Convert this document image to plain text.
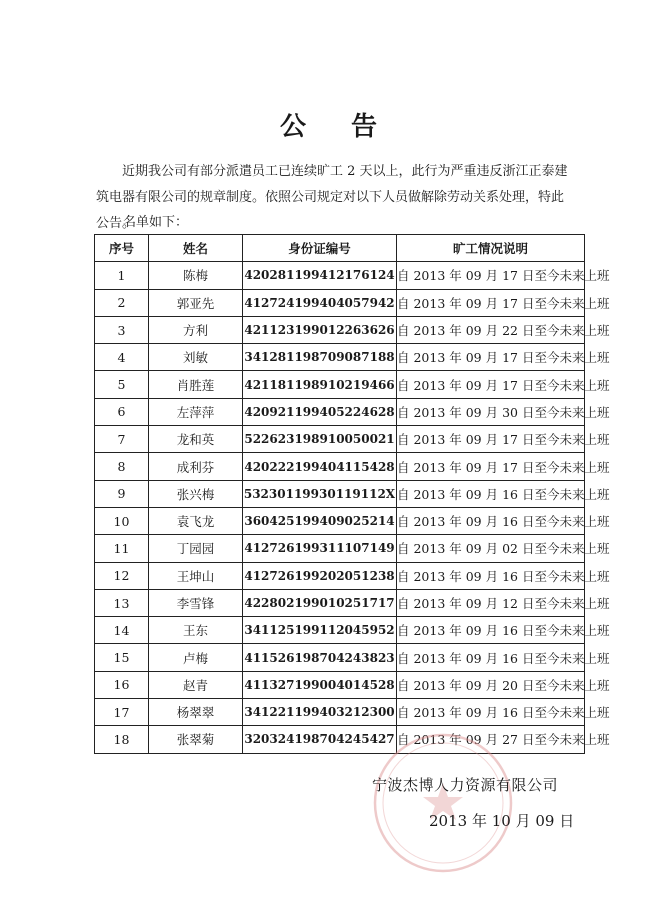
公 告
近期我公司有部分派遣员工已连续旷工 2 天以上，此行为严重违反浙江正泰建筑电器有限公司的规章制度。依照公司规定对以下人员做解除劳动关系处理，特此公告。
名单如下：
序号	姓名	身份证编号	旷工情况说明
1	陈梅	420281199412176124	自 2013 年 09 月 17 日至今未来上班
2	郭亚先	412724199404057942	自 2013 年 09 月 17 日至今未来上班
3	方利	421123199012263626	自 2013 年 09 月 22 日至今未来上班
4	刘敏	341281198709087188	自 2013 年 09 月 17 日至今未来上班
5	肖胜莲	421181198910219466	自 2013 年 09 月 17 日至今未来上班
6	左萍萍	420921199405224628	自 2013 年 09 月 30 日至今未来上班
7	龙和英	522623198910050021	自 2013 年 09 月 17 日至今未来上班
8	成利芬	420222199404115428	自 2013 年 09 月 17 日至今未来上班
9	张兴梅	53230119930119112X	自 2013 年 09 月 16 日至今未来上班
10	袁飞龙	360425199409025214	自 2013 年 09 月 16 日至今未来上班
11	丁园园	412726199311107149	自 2013 年 09 月 02 日至今未来上班
12	王坤山	412726199202051238	自 2013 年 09 月 16 日至今未来上班
13	李雪锋	422802199010251717	自 2013 年 09 月 12 日至今未来上班
14	王东	341125199112045952	自 2013 年 09 月 16 日至今未来上班
15	卢梅	411526198704243823	自 2013 年 09 月 16 日至今未来上班
16	赵青	411327199004014528	自 2013 年 09 月 20 日至今未来上班
17	杨翠翠	341221199403212300	自 2013 年 09 月 16 日至今未来上班
18	张翠菊	320324198704245427	自 2013 年 09 月 27 日至今未来上班
宁波杰博人力资源有限公司
2013 年 10 月 09 日
